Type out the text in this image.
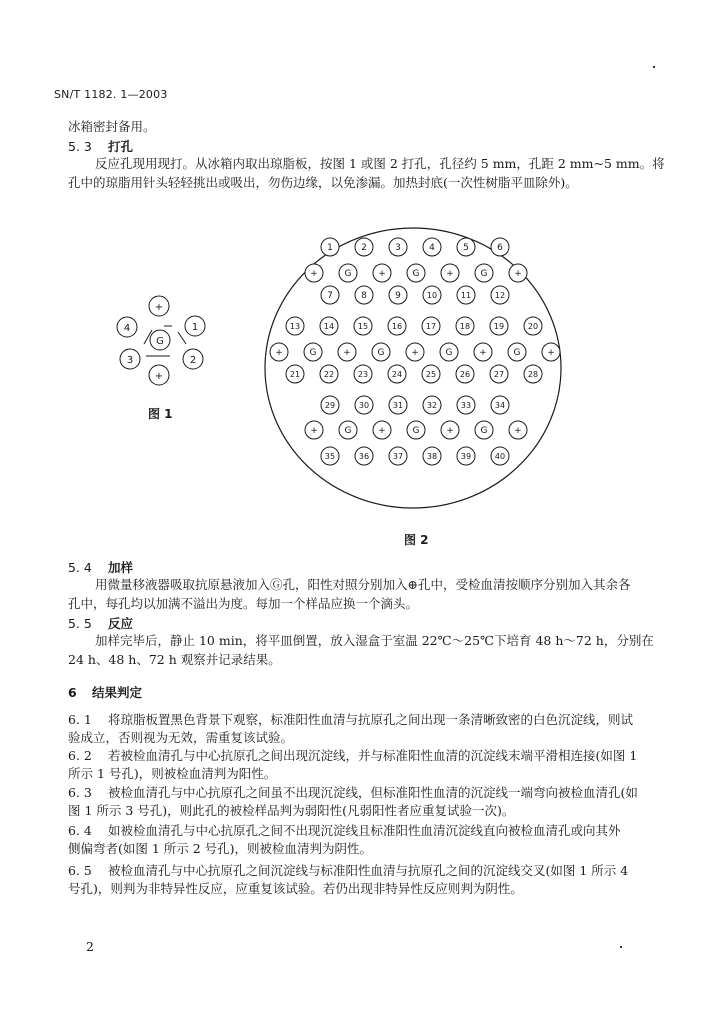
SN/T 1182. 1—2003
冰箱密封备用。
5. 3 打孔
反应孔现用现打。从冰箱内取出琼脂板，按图 1 或图 2 打孔，孔径约 5 mm，孔距 2 mm~5 mm。将
孔中的琼脂用针头轻轻挑出或吸出，勿伤边缘，以免渗漏。加热封底(一次性树脂平皿除外)。
+
1
2
+
3
4
G
图 1
1	2	3	4	5	6
+	G	+	G	+	G	+
7	8	9	10	11	12
13	14	15	16	17	18	19	20
+	G	+	G	+	G	+	G	+
21	22	23	24	25	26	27	28
29	30	31	32	33	34
+	G	+	G	+	G	+
35	36	37	38	39	40
图 2
5. 4 加样
用微量移液器吸取抗原悬液加入Ⓖ孔，阳性对照分别加入⊕孔中，受检血清按顺序分别加入其余各
孔中，每孔均以加满不溢出为度。每加一个样品应换一个滴头。
5. 5 反应
加样完毕后，静止 10 min，将平皿倒置，放入湿盒于室温 22℃～25℃下培育 48 h～72 h，分别在
24 h、48 h、72 h 观察并记录结果。
6 结果判定
6. 1 将琼脂板置黑色背景下观察，标准阳性血清与抗原孔之间出现一条清晰致密的白色沉淀线，则试
验成立，否则视为无效，需重复该试验。
6. 2 若被检血清孔与中心抗原孔之间出现沉淀线，并与标准阳性血清的沉淀线末端平滑相连接(如图 1
所示 1 号孔)，则被检血清判为阳性。
6. 3 被检血清孔与中心抗原孔之间虽不出现沉淀线，但标准阳性血清的沉淀线一端弯向被检血清孔(如
图 1 所示 3 号孔)，则此孔的被检样品判为弱阳性(凡弱阳性者应重复试验一次)。
6. 4 如被检血清孔与中心抗原孔之间不出现沉淀线且标准阳性血清沉淀线直向被检血清孔或向其外
侧偏弯者(如图 1 所示 2 号孔)，则被检血清判为阴性。
6. 5 被检血清孔与中心抗原孔之间沉淀线与标准阳性血清与抗原孔之间的沉淀线交叉(如图 1 所示 4
号孔)，则判为非特异性反应，应重复该试验。若仍出现非特异性反应则判为阴性。
2
